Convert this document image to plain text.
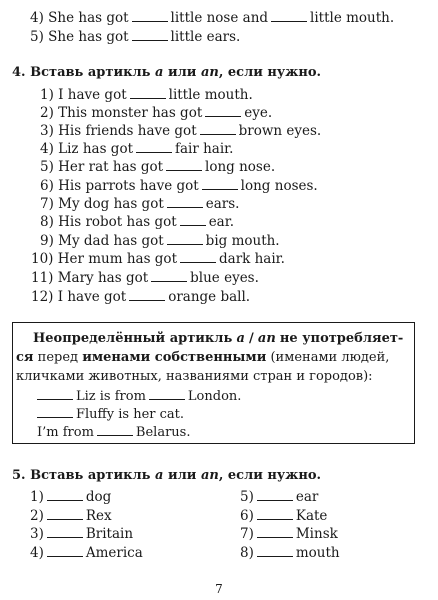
4) She has got	little nose and	little mouth.
5) She has got	little ears.
4. Вставь артикль a или an, если нужно.
1) I have got	little mouth.
2) This monster has got	eye.
3) His friends have got	brown eyes.
4) Liz has got	fair hair.
5) Her rat has got	long nose.
6) His parrots have got	long noses.
7) My dog has got	ears.
8) His robot has got ear.
9) My dad has got	big mouth.
10) Her mum has got	dark hair.
11) Mary has got	blue eyes.
12) I have got	orange ball.
Неопределённый артикль a / an не употребляет-
ся перед именами собственными (именами людей,
кличками животных, названиями стран и городов):
Liz is from	London.
Fluffy is her cat.
I’m from	Belarus.
5. Вставь артикль a или an, если нужно.
1)	dog
2)	Rex
3)	Britain
4)	America
5)	ear
6)	Kate
7)	Minsk
8)	mouth
7
